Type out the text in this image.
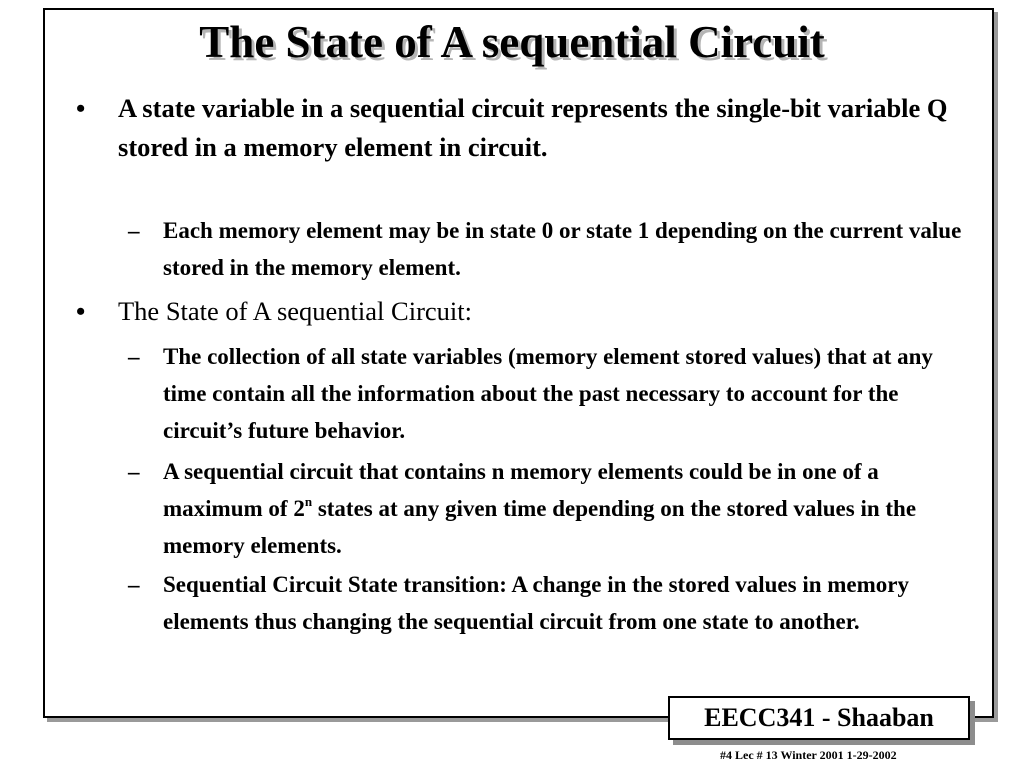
The State of A sequential Circuit
• A state variable in a sequential circuit represents the single-bit variable Q stored in a memory element in circuit.
– Each memory element may be in state 0 or state 1 depending on the current value stored in the memory element.
• The State of A sequential Circuit:
– The collection of all state variables (memory element stored values) that at any time contain all the information about the past necessary to account for the circuit’s future behavior.
– A sequential circuit that contains n memory elements could be in one of a maximum of 2$^n$ states at any given time depending on the stored values in the memory elements.
– Sequential Circuit State transition: A change in the stored values in memory elements thus changing the sequential circuit from one state to another.
EECC341 - Shaaban
#4 Lec # 13 Winter 2001 1-29-2002
